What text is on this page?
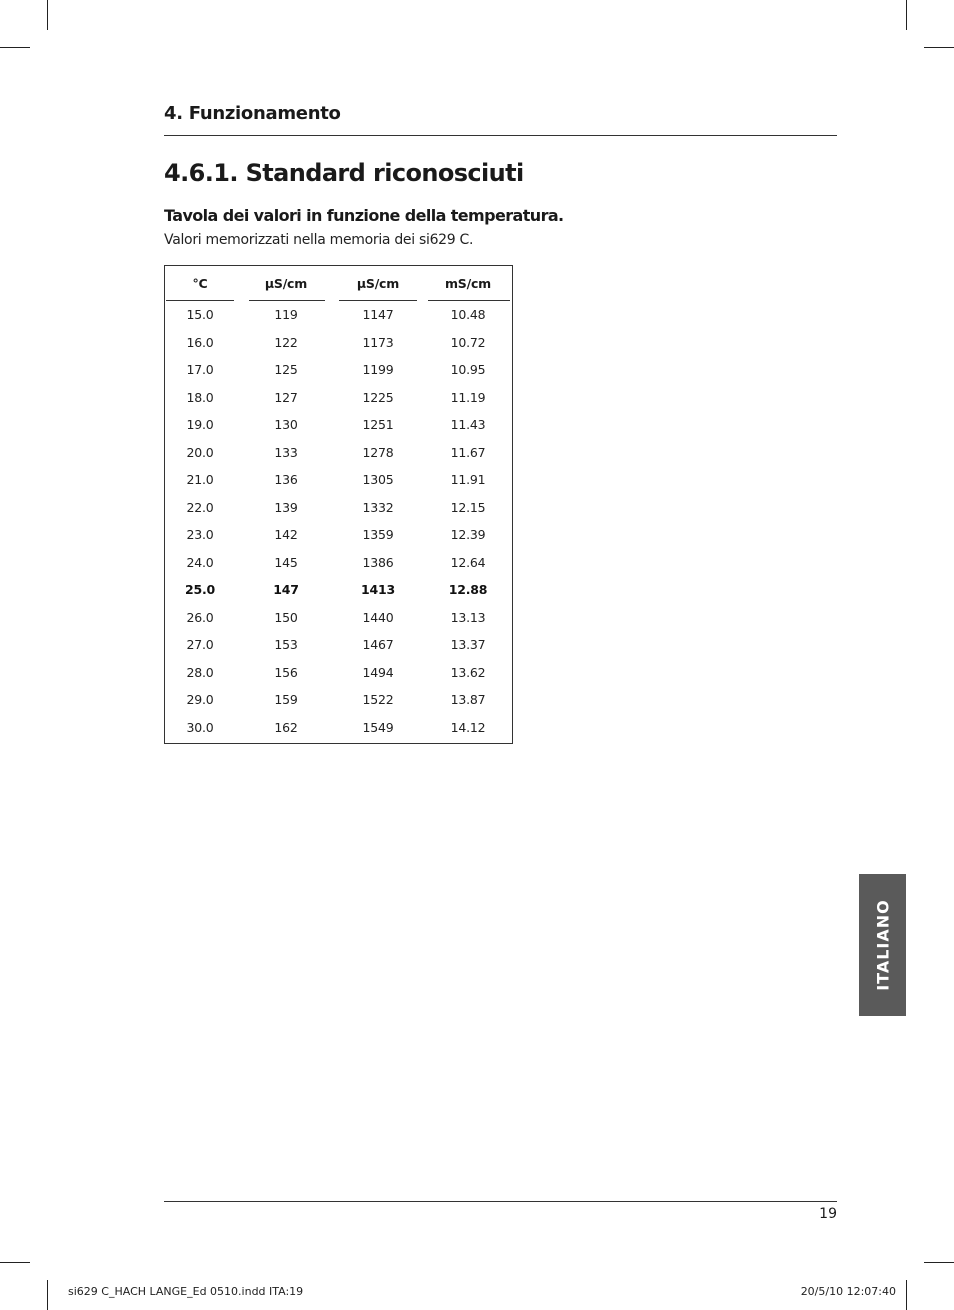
4. Funzionamento
4.6.1. Standard riconosciuti
Tavola dei valori in funzione della temperatura.
Valori memorizzati nella memoria dei si629 C.
°C	µS/cm	µS/cm	mS/cm
15.0	119	1147	10.48
16.0	122	1173	10.72
17.0	125	1199	10.95
18.0	127	1225	11.19
19.0	130	1251	11.43
20.0	133	1278	11.67
21.0	136	1305	11.91
22.0	139	1332	12.15
23.0	142	1359	12.39
24.0	145	1386	12.64
25.0	147	1413	12.88
26.0	150	1440	13.13
27.0	153	1467	13.37
28.0	156	1494	13.62
29.0	159	1522	13.87
30.0	162	1549	14.12
ITALIANO
19
si629 C_HACH LANGE_Ed 0510.indd ITA:19	20/5/10 12:07:40
